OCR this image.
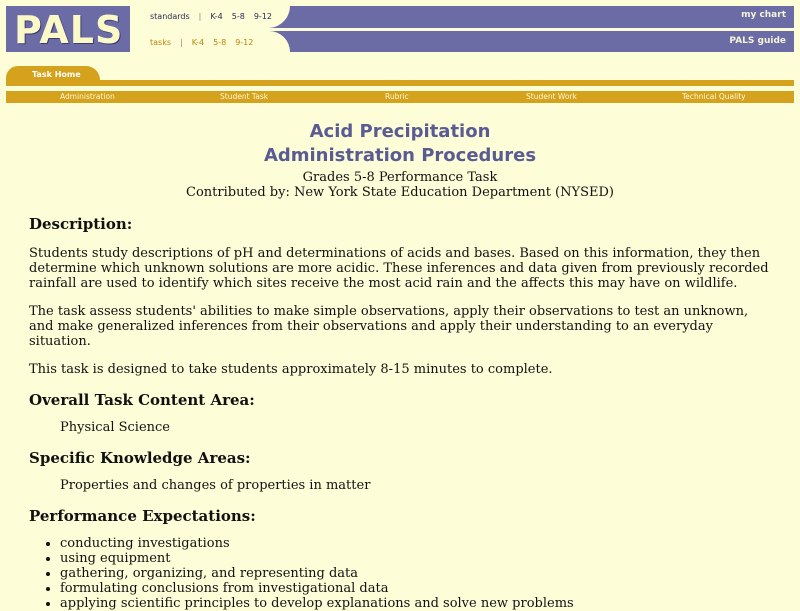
PALS	standards | K-4 5-8 9-12
tasks | K-4 5-8 9-12
my chart
PALS guide
Task Home
Administration	Student Task	Rubric	Student Work	Technical Quality
Acid Precipitation
Administration Procedures
Grades 5-8 Performance Task
Contributed by: New York State Education Department (NYSED)
Description:

Students study descriptions of pH and determinations of acids and bases. Based on this information, they then determine which unknown solutions are more acidic. These inferences and data given from previously recorded rainfall are used to identify which sites receive the most acid rain and the affects this may have on wildlife.

The task assess students' abilities to make simple observations, apply their observations to test an unknown, and make generalized inferences from their observations and apply their understanding to an everyday situation.

This task is designed to take students approximately 8-15 minutes to complete.

Overall Task Content Area:

Physical Science

Specific Knowledge Areas:

Properties and changes of properties in matter

Performance Expectations:
• conducting investigations
• using equipment
• gathering, organizing, and representing data
• formulating conclusions from investigational data
• applying scientific principles to develop explanations and solve new problems
